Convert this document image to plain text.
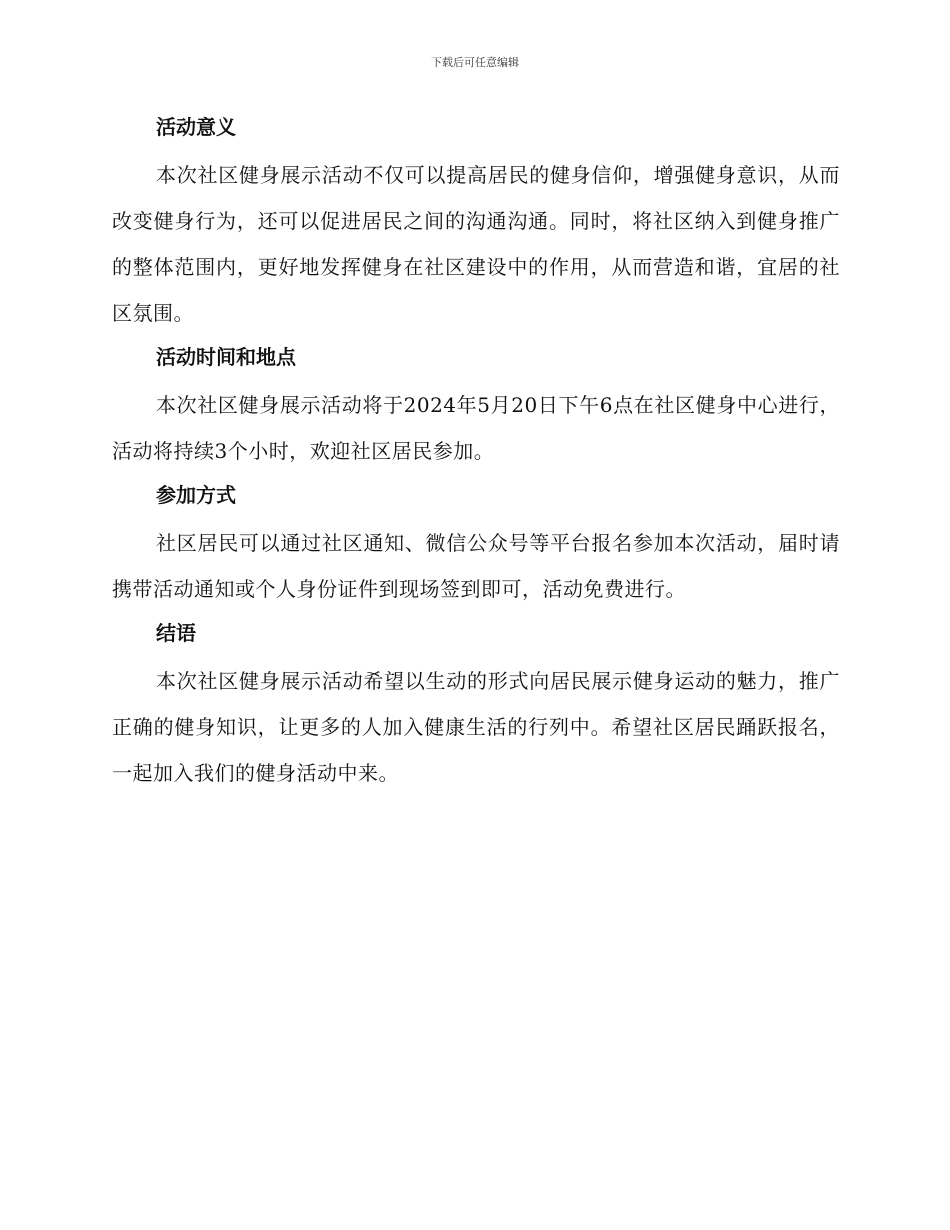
下载后可任意编辑
活动意义

本次社区健身展示活动不仅可以提高居民的健身信仰，增强健身意识，从而改变健身行为，还可以促进居民之间的沟通沟通。同时，将社区纳入到健身推广的整体范围内，更好地发挥健身在社区建设中的作用，从而营造和谐，宜居的社区氛围。

活动时间和地点

本次社区健身展示活动将于2024年5月20日下午6点在社区健身中心进行，活动将持续3个小时，欢迎社区居民参加。

参加方式

社区居民可以通过社区通知、微信公众号等平台报名参加本次活动，届时请携带活动通知或个人身份证件到现场签到即可，活动免费进行。

结语

本次社区健身展示活动希望以生动的形式向居民展示健身运动的魅力，推广正确的健身知识，让更多的人加入健康生活的行列中。希望社区居民踊跃报名，一起加入我们的健身活动中来。
